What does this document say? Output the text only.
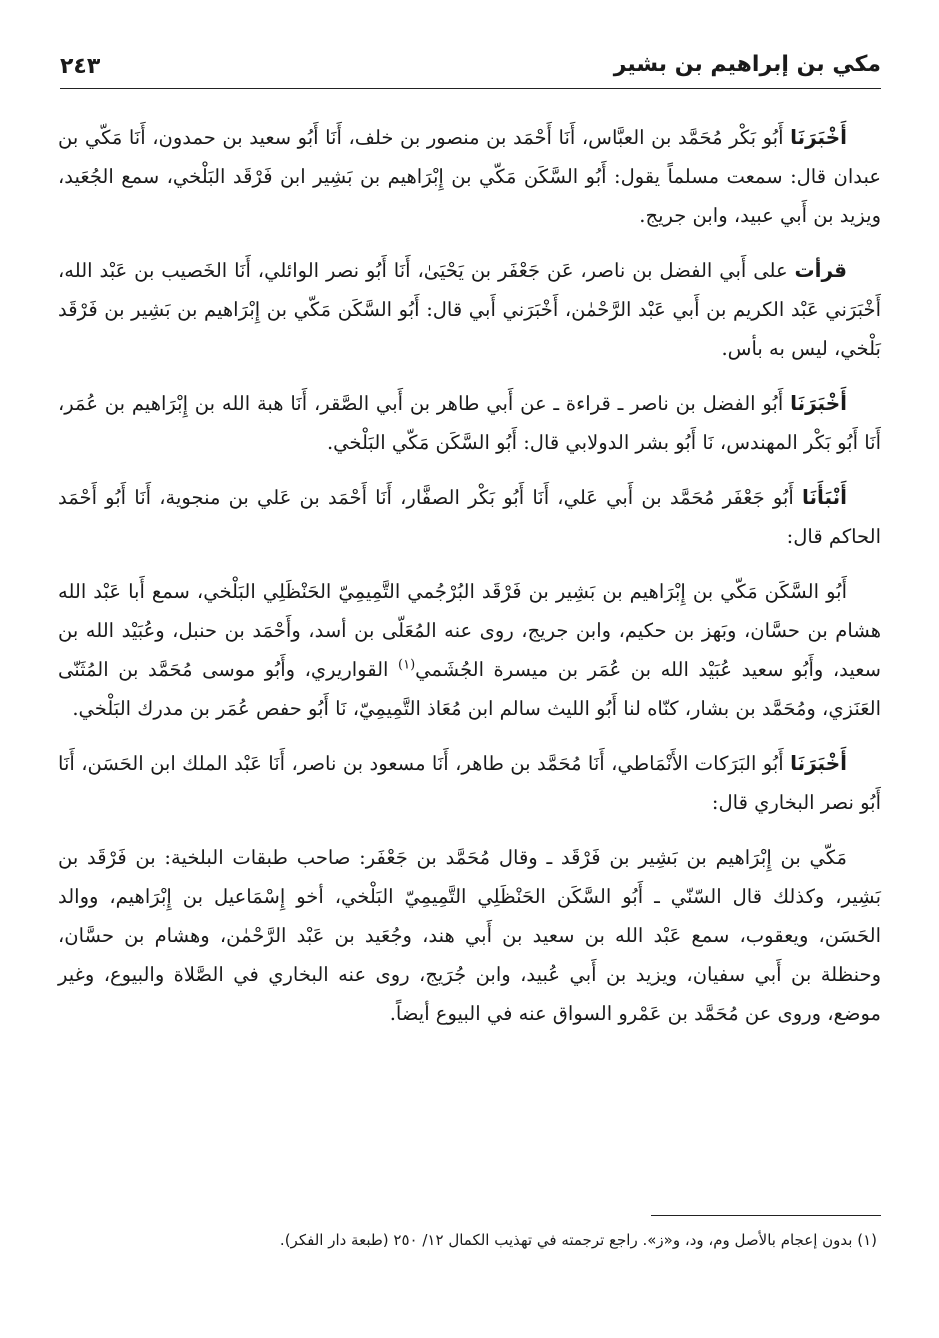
٢٤٣	مكي بن إبراهيم بن بشير

أَخْبَرَنَا أَبُو بَكْر مُحَمَّد بن العبَّاس، أَنَا أَحْمَد بن منصور بن خلف، أَنَا أَبُو سعيد بن حمدون، أَنَا مَكّي بن عبدان قال: سمعت مسلماً يقول: أَبُو السَّكَن مَكّي بن إِبْرَاهيم بن بَشِير ابن فَرْقَد البَلْخي، سمع الجُعَيد، ويزيد بن أَبي عبيد، وابن جريج.

قرأت على أَبي الفضل بن ناصر، عَن جَعْفَر بن يَحْيَىٰ، أَنَا أَبُو نصر الوائلي، أَنَا الخَصيب بن عَبْد الله، أَخْبَرَني عَبْد الكريم بن أَبي عَبْد الرَّحْمٰن، أَخْبَرَني أَبي قال: أَبُو السَّكَن مَكّي بن إِبْرَاهيم بن بَشِير بن فَرْقَد بَلْخي، ليس به بأس.

أَخْبَرَنَا أَبُو الفضل بن ناصر ـ قراءة ـ عن أَبي طاهر بن أَبي الصَّقر، أَنَا هبة الله بن إِبْرَاهيم بن عُمَر، أَنَا أَبُو بَكْر المهندس، نَا أَبُو بشر الدولابي قال: أَبُو السَّكَن مَكّي البَلْخي.

أَنْبَأَنَا أَبُو جَعْفَر مُحَمَّد بن أَبي عَلي، أَنَا أَبُو بَكْر الصفَّار، أَنَا أَحْمَد بن عَلي بن منجوية، أَنَا أَبُو أَحْمَد الحاكم قال:

أَبُو السَّكَن مَكّي بن إِبْرَاهيم بن بَشِير بن فَرْقَد البُرْجُمي التَّمِيمِيّ الحَنْظَلِي البَلْخي، سمع أَبا عَبْد الله هشام بن حسَّان، وبَهز بن حكيم، وابن جريج، روى عنه المُعَلّى بن أسد، وأَحْمَد بن حنبل، وعُبَيْد الله بن سعيد، وأَبُو سعيد عُبَيْد الله بن عُمَر بن ميسرة الجُشَمي$^{(١)}$ القواريري، وأَبُو موسى مُحَمَّد بن المُثَنّى العَنَزي، ومُحَمَّد بن بشار، كنّاه لنا أَبُو الليث سالم ابن مُعَاذ التَّمِيمِيّ، نَا أَبُو حفص عُمَر بن مدرك البَلْخي.

أَخْبَرَنَا أَبُو البَرَكات الأَنْمَاطي، أَنَا مُحَمَّد بن طاهر، أَنَا مسعود بن ناصر، أَنَا عَبْد الملك ابن الحَسَن، أَنَا أَبُو نصر البخاري قال:

مَكّي بن إِبْرَاهيم بن بَشِير بن فَرْقَد ـ وقال مُحَمَّد بن جَعْفَر: صاحب طبقات البلخية: بن فَرْقَد بن بَشِير، وكذلك قال السّنّي ـ أَبُو السَّكَن الحَنْظَلِي التَّمِيمِيّ البَلْخي، أخو إِسْمَاعيل بن إِبْرَاهيم، ووالد الحَسَن، ويعقوب، سمع عَبْد الله بن سعيد بن أَبي هند، وجُعَيد بن عَبْد الرَّحْمٰن، وهشام بن حسَّان، وحنظلة بن أَبي سفيان، ويزيد بن أَبي عُبيد، وابن جُرَيج، روى عنه البخاري في الصَّلاة والبيوع، وغير موضع، وروى عن مُحَمَّد بن عَمْرو السواق عنه في البيوع أيضاً.

(١) بدون إعجام بالأصل وم، ود، و«ز». راجع ترجمته في تهذيب الكمال ١٢/ ٢٥٠ (طبعة دار الفكر).
